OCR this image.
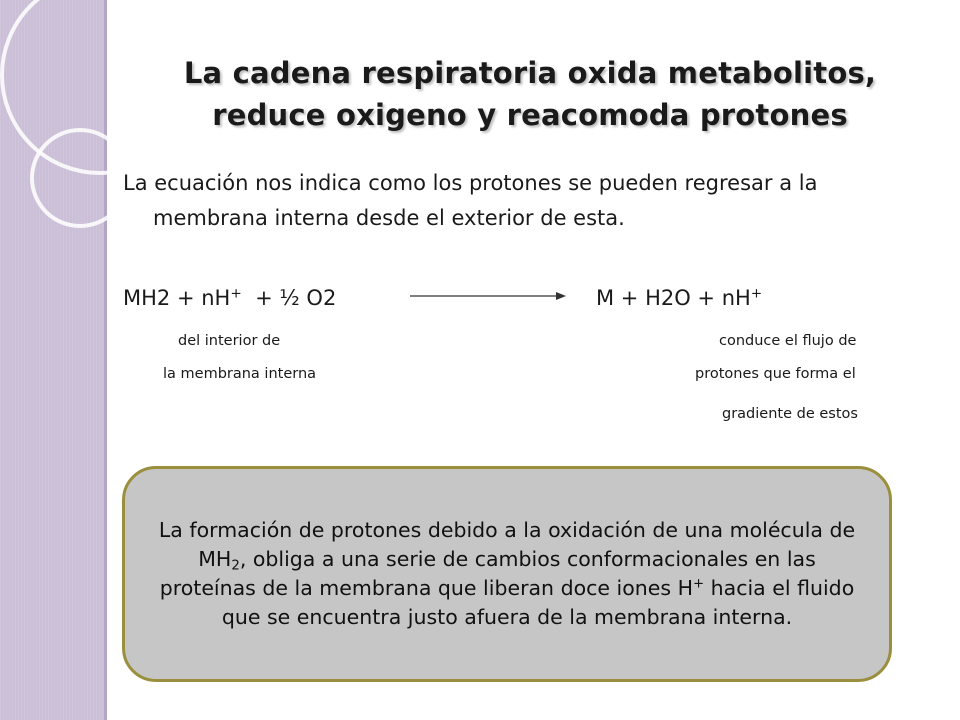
La cadena respiratoria oxida metabolitos,
reduce oxigeno y reacomoda protones
La ecuación nos indica como los protones se pueden regresar a la membrana interna desde el exterior de esta.
MH2 + nH+  + ½ O2	M + H2O + nH+
del interior de
la membrana interna
conduce el flujo de
protones que forma el
gradiente de estos
La formación de protones debido a la oxidación de una molécula de $MH_2$, obliga a una serie de cambios conformacionales en las proteínas de la membrana que liberan doce iones H+ hacia el fluido que se encuentra justo afuera de la membrana interna.
